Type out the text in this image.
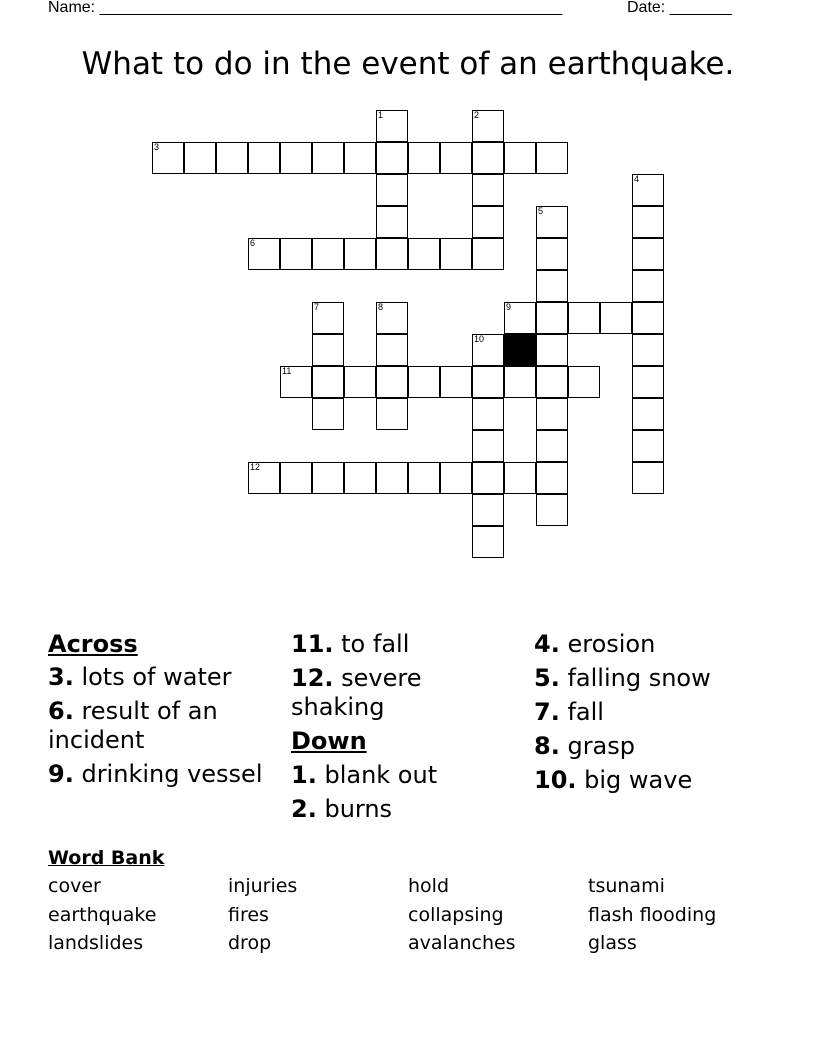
Name: ____________________________________________________	Date: _______
What to do in the event of an earthquake.
3
6
9
11
12
1	2
4
5
7	8
10
Across
3. lots of water
6. result of an incident
9. drinking vessel
11. to fall
12. severe shaking
Down
1. blank out
2. burns
4. erosion
5. falling snow
7. fall
8. grasp
10. big wave
Word Bank
cover	injuries	hold	tsunami
earthquake	fires	collapsing	flash flooding
landslides	drop	avalanches	glass
